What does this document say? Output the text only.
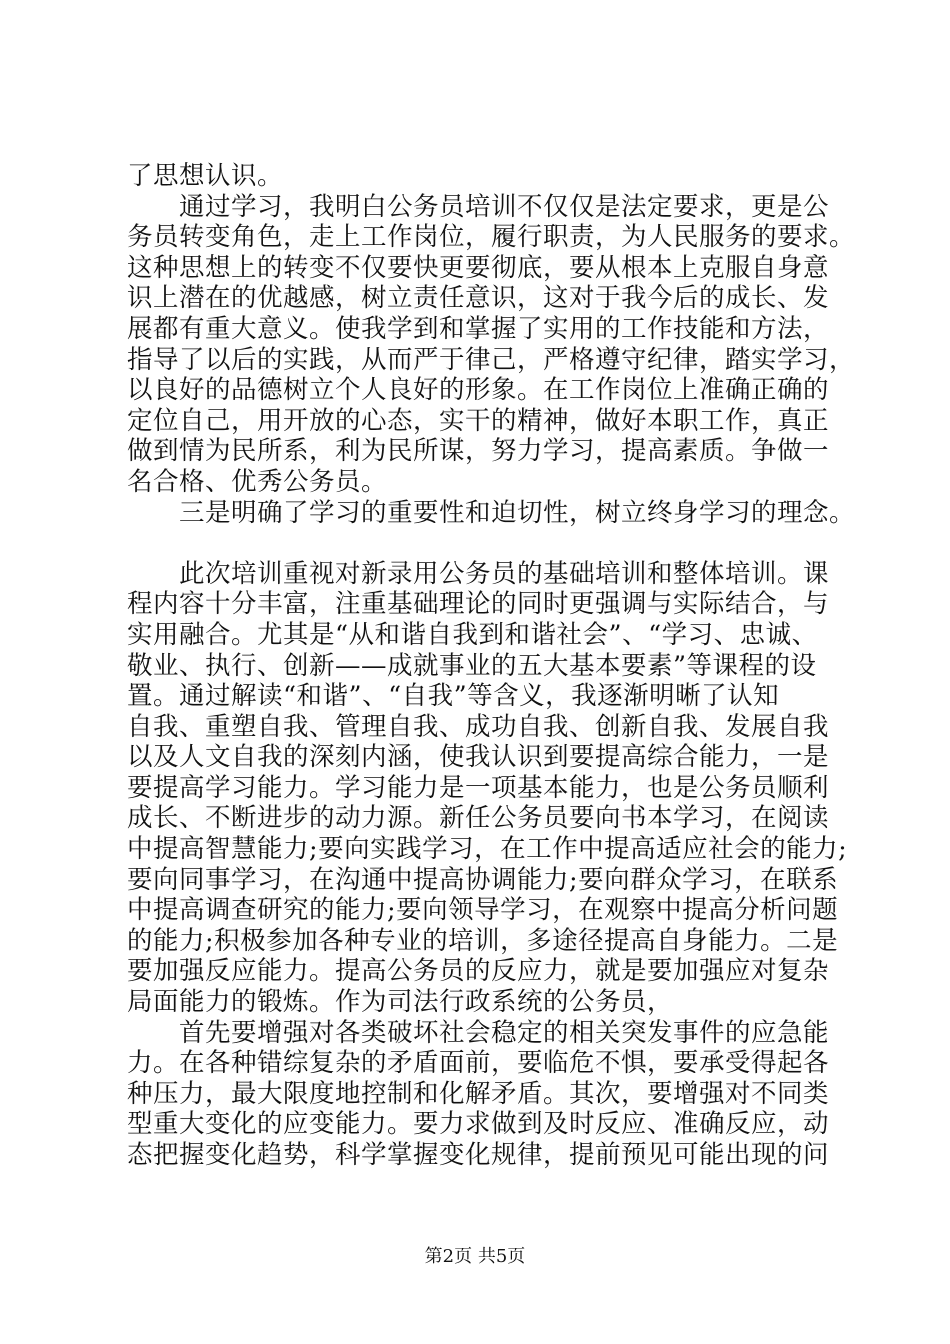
了思想认识。

　　通过学习，我明白公务员培训不仅仅是法定要求，更是公

务员转变角色，走上工作岗位，履行职责，为人民服务的要求。

这种思想上的转变不仅要快更要彻底，要从根本上克服自身意

识上潜在的优越感，树立责任意识，这对于我今后的成长、发

展都有重大意义。使我学到和掌握了实用的工作技能和方法，

指导了以后的实践，从而严于律己，严格遵守纪律，踏实学习，

以良好的品德树立个人良好的形象。在工作岗位上准确正确的

定位自己，用开放的心态，实干的精神，做好本职工作，真正

做到情为民所系，利为民所谋，努力学习，提高素质。争做一

名合格、优秀公务员。

　　三是明确了学习的重要性和迫切性，树立终身学习的理念。

　　此次培训重视对新录用公务员的基础培训和整体培训。课

程内容十分丰富，注重基础理论的同时更强调与实际结合，与

实用融合。尤其是“从和谐自我到和谐社会”、“学习、忠诚、

敬业、执行、创新——成就事业的五大基本要素”等课程的设

置。通过解读“和谐”、“自我”等含义，我逐渐明晰了认知

自我、重塑自我、管理自我、成功自我、创新自我、发展自我

以及人文自我的深刻内涵，使我认识到要提高综合能力，一是

要提高学习能力。学习能力是一项基本能力，也是公务员顺利

成长、不断进步的动力源。新任公务员要向书本学习，在阅读

中提高智慧能力;要向实践学习，在工作中提高适应社会的能力;

要向同事学习，在沟通中提高协调能力;要向群众学习，在联系

中提高调查研究的能力;要向领导学习，在观察中提高分析问题

的能力;积极参加各种专业的培训，多途径提高自身能力。二是

要加强反应能力。提高公务员的反应力，就是要加强应对复杂

局面能力的锻炼。作为司法行政系统的公务员，

　　首先要增强对各类破坏社会稳定的相关突发事件的应急能

力。在各种错综复杂的矛盾面前，要临危不惧，要承受得起各

种压力，最大限度地控制和化解矛盾。其次，要增强对不同类

型重大变化的应变能力。要力求做到及时反应、准确反应，动

态把握变化趋势，科学掌握变化规律，提前预见可能出现的问

第2页 共5页
